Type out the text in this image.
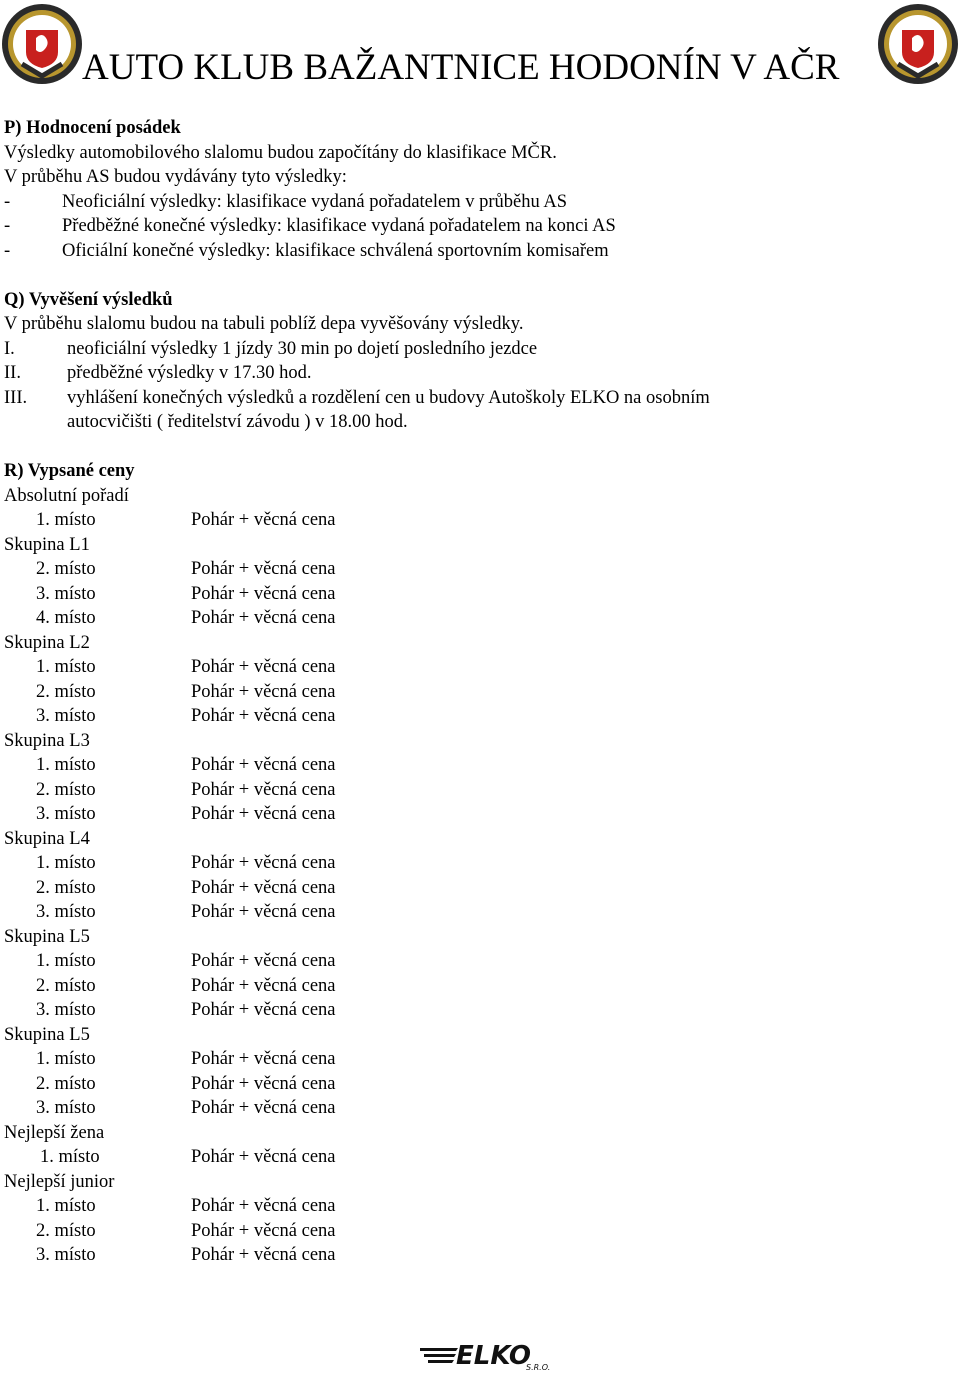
AUTO KLUB BAŽANTNICE HODONÍN V AČR
P) Hodnocení posádek
Výsledky automobilového slalomu budou započítány do klasifikace MČR.
V průběhu AS budou vydávány tyto výsledky:
-	Neoficiální výsledky: klasifikace vydaná pořadatelem v průběhu AS
-	Předběžné konečné výsledky: klasifikace vydaná pořadatelem na konci AS
-	Oficiální konečné výsledky: klasifikace schválená sportovním komisařem
Q) Vyvěšení výsledků
V průběhu slalomu budou na tabuli poblíž depa vyvěšovány výsledky.
I.	neoficiální výsledky 1 jízdy 30 min po dojetí posledního jezdce
II. předběžné výsledky v 17.30 hod.
III. vyhlášení konečných výsledků a rozdělení cen u budovy Autoškoly ELKO na osobním
autocvičišti ( ředitelství závodu ) v 18.00 hod.
R) Vypsané ceny
Absolutní pořadí
1. místo	Pohár + věcná cena
Skupina L1
2. místo	Pohár + věcná cena
3. místo	Pohár + věcná cena
4. místo	Pohár + věcná cena
Skupina L2
1. místo	Pohár + věcná cena
2. místo	Pohár + věcná cena
3. místo	Pohár + věcná cena
Skupina L3
1. místo	Pohár + věcná cena
2. místo	Pohár + věcná cena
3. místo	Pohár + věcná cena
Skupina L4
1. místo	Pohár + věcná cena
2. místo	Pohár + věcná cena
3. místo	Pohár + věcná cena
Skupina L5
1. místo	Pohár + věcná cena
2. místo	Pohár + věcná cena
3. místo	Pohár + věcná cena
Skupina L5
1. místo	Pohár + věcná cena
2. místo	Pohár + věcná cena
3. místo	Pohár + věcná cena
Nejlepší žena
1. místo	Pohár + věcná cena
Nejlepší junior
1. místo	Pohár + věcná cena
2. místo	Pohár + věcná cena
3. místo	Pohár + věcná cena
ELKO
S.R.O.
